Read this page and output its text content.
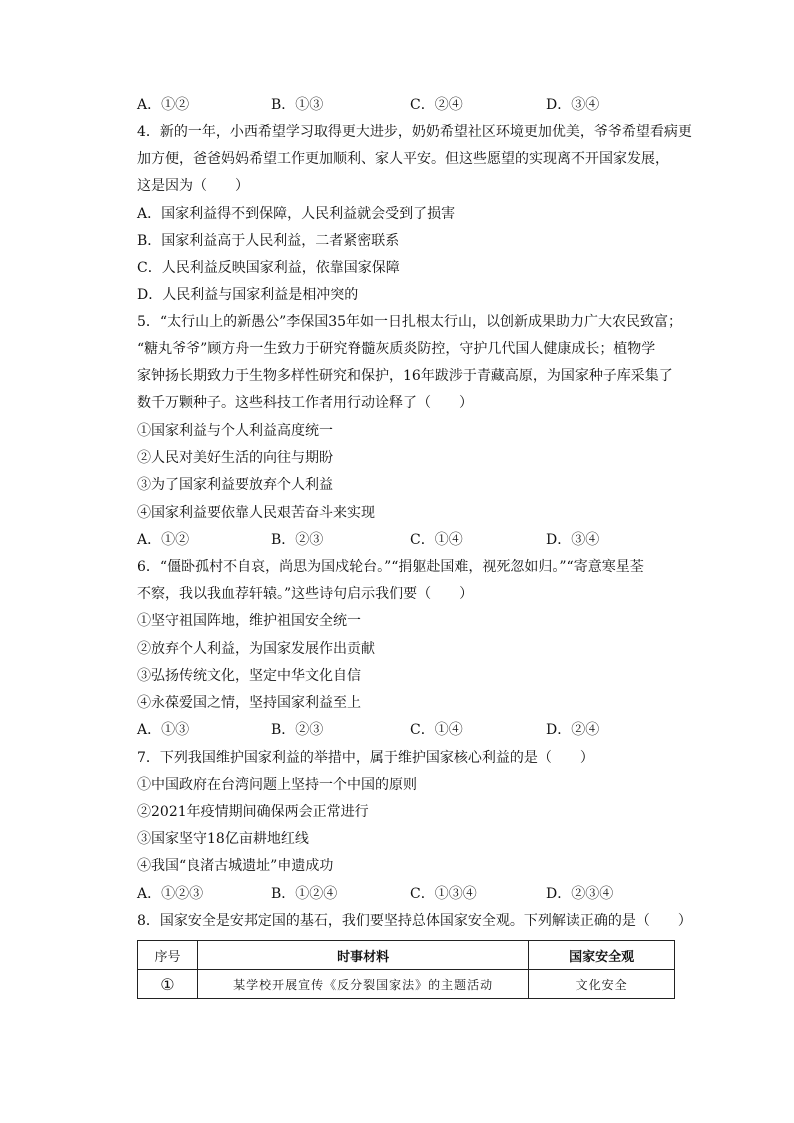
A．①②	B．①③	C．②④	D．③④
4．新的一年，小西希望学习取得更大进步，奶奶希望社区环境更加优美，爷爷希望看病更
加方便，爸爸妈妈希望工作更加顺利、家人平安。但这些愿望的实现离不开国家发展，
这是因为（　　）
A．国家利益得不到保障，人民利益就会受到了损害
B．国家利益高于人民利益，二者紧密联系
C．人民利益反映国家利益，依靠国家保障
D．人民利益与国家利益是相冲突的
5．“太行山上的新愚公”李保国35年如一日扎根太行山，以创新成果助力广大农民致富；
“糖丸爷爷”顾方舟一生致力于研究脊髓灰质炎防控，守护几代国人健康成长；植物学
家钟扬长期致力于生物多样性研究和保护，16年跋涉于青藏高原，为国家种子库采集了
数千万颗种子。这些科技工作者用行动诠释了（　　）
①国家利益与个人利益高度统一
②人民对美好生活的向往与期盼
③为了国家利益要放弃个人利益
④国家利益要依靠人民艰苦奋斗来实现
A．①②	B．②③	C．①④	D．③④
6．“僵卧孤村不自哀，尚思为国戍轮台。”“捐躯赴国难，视死忽如归。”“寄意寒星荃
不察，我以我血荐轩辕。”这些诗句启示我们要（　　）
①坚守祖国阵地，维护祖国安全统一
②放弃个人利益，为国家发展作出贡献
③弘扬传统文化，坚定中华文化自信
④永葆爱国之情，坚持国家利益至上
A．①③	B．②③	C．①④	D．②④
7．下列我国维护国家利益的举措中，属于维护国家核心利益的是（　　）
①中国政府在台湾问题上坚持一个中国的原则
②2021年疫情期间确保两会正常进行
③国家坚守18亿亩耕地红线
④我国“良渚古城遗址”申遗成功
A．①②③	B．①②④	C．①③④	D．②③④
8．国家安全是安邦定国的基石，我们要坚持总体国家安全观。下列解读正确的是（　　）
序号	时事材料	国家安全观
①	某学校开展宣传《反分裂国家法》的主题活动	文化安全
